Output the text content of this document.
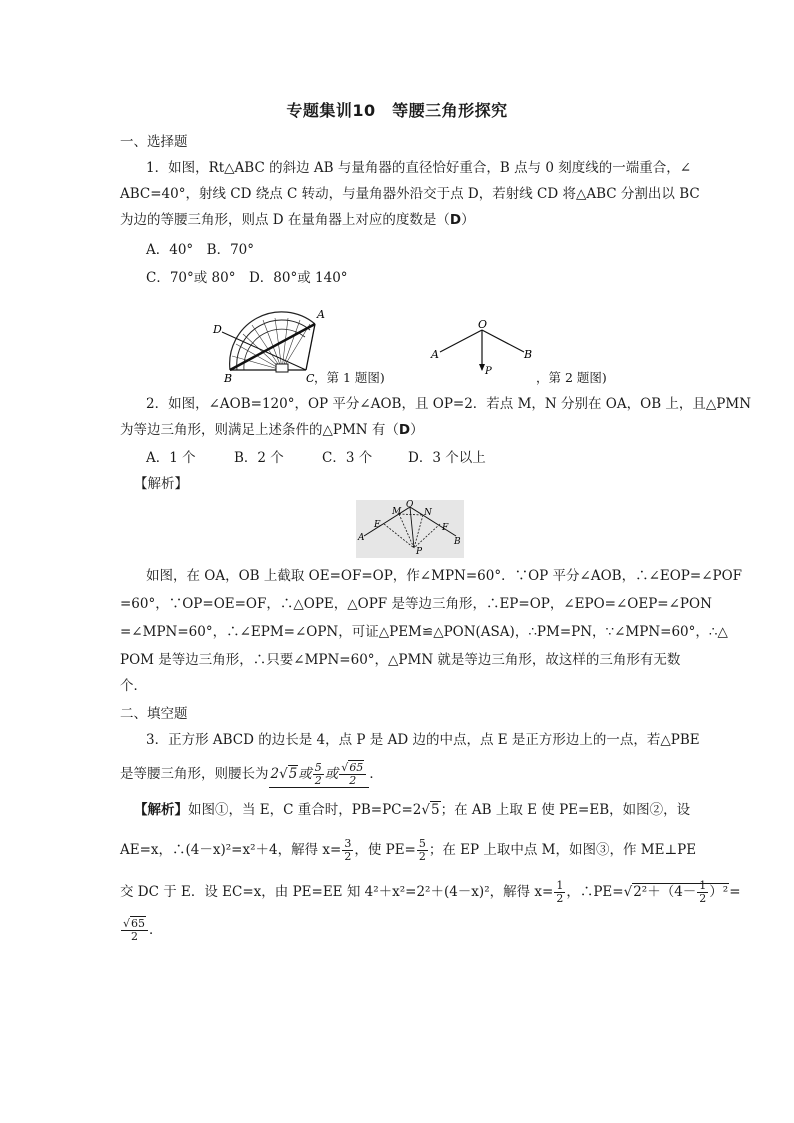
专题集训10　等腰三角形探究
一、选择题
1．如图，Rt△ABC 的斜边 AB 与量角器的直径恰好重合，B 点与 0 刻度线的一端重合，∠
ABC=40°，射线 CD 绕点 C 转动，与量角器外沿交于点 D，若射线 CD 将△ABC 分割出以 BC
为边的等腰三角形，则点 D 在量角器上对应的度数是（D）
A．40°　B．70°
C．70°或 80°　D．80°或 140°
A
D
B	C ，第 1 题图)
O
A	B
P	，第 2 题图)
2．如图，∠AOB=120°，OP 平分∠AOB，且 OP=2．若点 M，N 分别在 OA，OB 上，且△PMN
为等边三角形，则满足上述条件的△PMN 有（D）
A．1 个	B．2 个	C．3 个	D．3 个以上
【解析】
O
M	N
E	F
A	B
P
如图，在 OA，OB 上截取 OE=OF=OP，作∠MPN=60°．∵OP 平分∠AOB，∴∠EOP=∠POF
=60°，∵OP=OE=OF，∴△OPE，△OPF 是等边三角形，∴EP=OP，∠EPO=∠OEP=∠PON
=∠MPN=60°，∴∠EPM=∠OPN，可证△PEM≌△PON(ASA)，∴PM=PN，∵∠MPN=60°，∴△
POM 是等边三角形，∴只要∠MPN=60°，△PMN 就是等边三角形，故这样的三角形有无数
个．
二、填空题
3．正方形 ABCD 的边长是 4，点 P 是 AD 边的中点，点 E 是正方形边上的一点，若△PBE
是等腰三角形，则腰长为 2√5或 $\frac{5}{2}$ 或 $\frac{√65}{2}$ ．
【解析】如图①，当 E，C 重合时，PB=PC=2√5；在 AB 上取 E 使 PE=EB，如图②，设
AE=x，∴(4－x)²=x²＋4，解得 $x= \frac{3}{2}$ ，使 $PE= \frac{5}{2}$ ；在 EP 上取中点 M，如图③，作 ME⊥PE
交 DC 于 E．设 EC=x，由 PE=EE 知 4²＋x²=2²＋(4－x)²，解得 $x= \frac{1}{2}$ ，∴PE=√2²＋（4－ $\frac{1}{2} )^2=$
$\frac{√65}{2}$ ．
